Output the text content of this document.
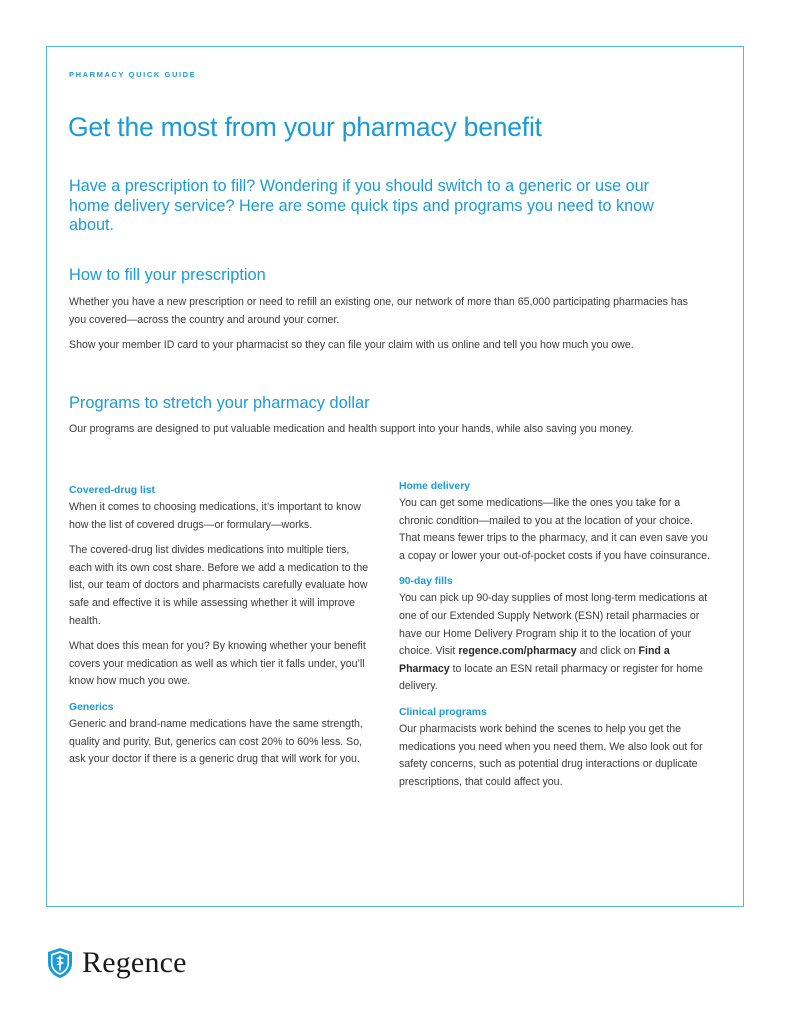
PHARMACY QUICK GUIDE
Get the most from your pharmacy benefit

Have a prescription to fill? Wondering if you should switch to a generic or use our home delivery service? Here are some quick tips and programs you need to know about.

How to fill your prescription

Whether you have a new prescription or need to refill an existing one, our network of more than 65,000 participating pharmacies has you covered—across the country and around your corner.

Show your member ID card to your pharmacist so they can file your claim with us online and tell you how much you owe.

Programs to stretch your pharmacy dollar

Our programs are designed to put valuable medication and health support into your hands, while also saving you money.

Covered-drug list

When it comes to choosing medications, it’s important to know how the list of covered drugs—or formulary—works.

The covered-drug list divides medications into multiple tiers, each with its own cost share. Before we add a medication to the list, our team of doctors and pharmacists carefully evaluate how safe and effective it is while assessing whether it will improve health.

What does this mean for you? By knowing whether your benefit covers your medication as well as which tier it falls under, you’ll know how much you owe.

Generics

Generic and brand-name medications have the same strength, quality and purity. But, generics can cost 20% to 60% less. So, ask your doctor if there is a generic drug that will work for you.

Home delivery

You can get some medications—like the ones you take for a chronic condition—mailed to you at the location of your choice. That means fewer trips to the pharmacy, and it can even save you a copay or lower your out-of-pocket costs if you have coinsurance.

90-day fills

You can pick up 90-day supplies of most long-term medications at one of our Extended Supply Network (ESN) retail pharmacies or have our Home Delivery Program ship it to the location of your choice. Visit regence.com/pharmacy and click on Find a Pharmacy to locate an ESN retail pharmacy or register for home delivery.

Clinical programs

Our pharmacists work behind the scenes to help you get the medications you need when you need them. We also look out for safety concerns, such as potential drug interactions or duplicate prescriptions, that could affect you.

Regence
